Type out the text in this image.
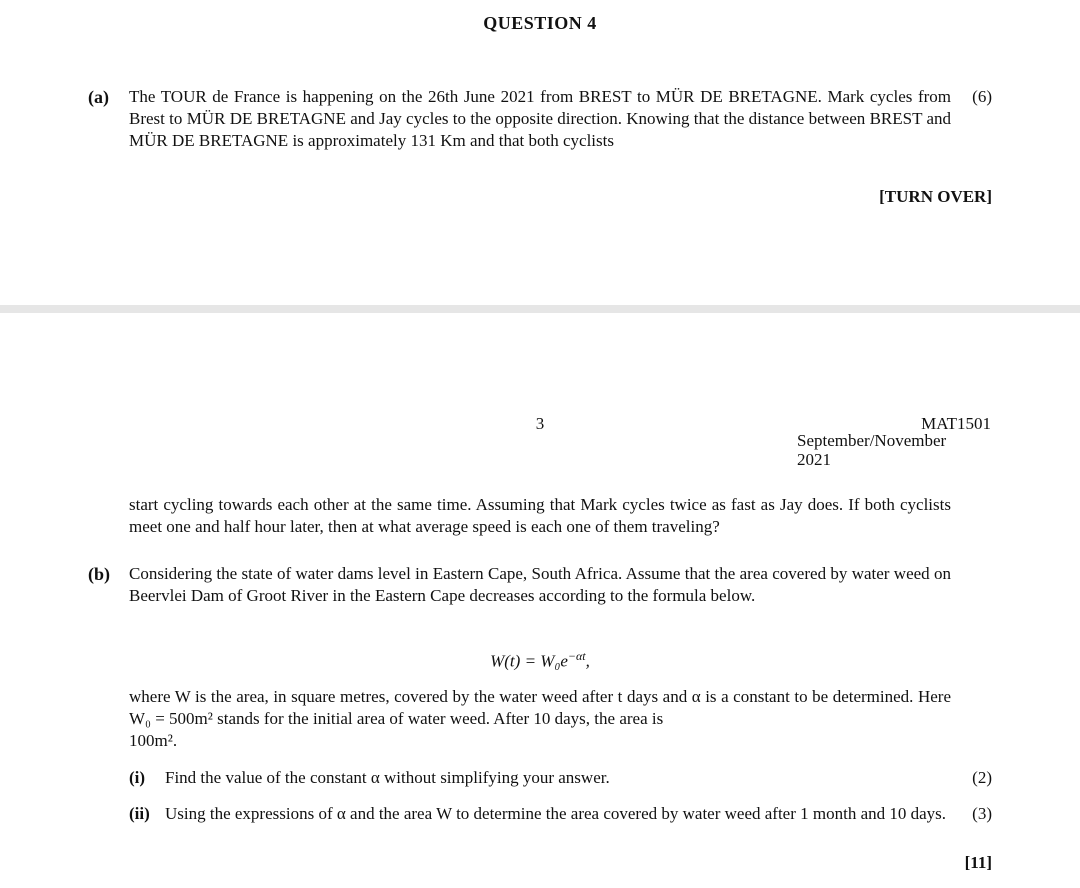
QUESTION 4
(a) The TOUR de France is happening on the 26th June 2021 from BREST to MÜR DE BRETAGNE. Mark cycles from Brest to MÜR DE BRETAGNE and Jay cycles to the opposite direction. Knowing that the distance between BREST and MÜR DE BRETAGNE is approximately 131 Km and that both cyclists
(6)
[TURN OVER]
3	MAT1501
September/November
2021
start cycling towards each other at the same time. Assuming that Mark cycles twice as fast as Jay does. If both cyclists meet one and half hour later, then at what average speed is each one of them traveling?
(b) Considering the state of water dams level in Eastern Cape, South Africa. Assume that the area covered by water weed on Beervlei Dam of Groot River in the Eastern Cape decreases according to the formula below.
$W(t) = W_0e^{-\alpha t}$,
where W is the area, in square metres, covered by the water weed after t days and α is a constant to be determined. Here W₀ = 500m² stands for the initial area of water weed. After 10 days, the area is
100m².
(i) Find the value of the constant α without simplifying your answer.	(2)
(ii) Using the expressions of α and the area W to determine the area covered by water weed after 1 month and 10 days.	(3)
[11]
